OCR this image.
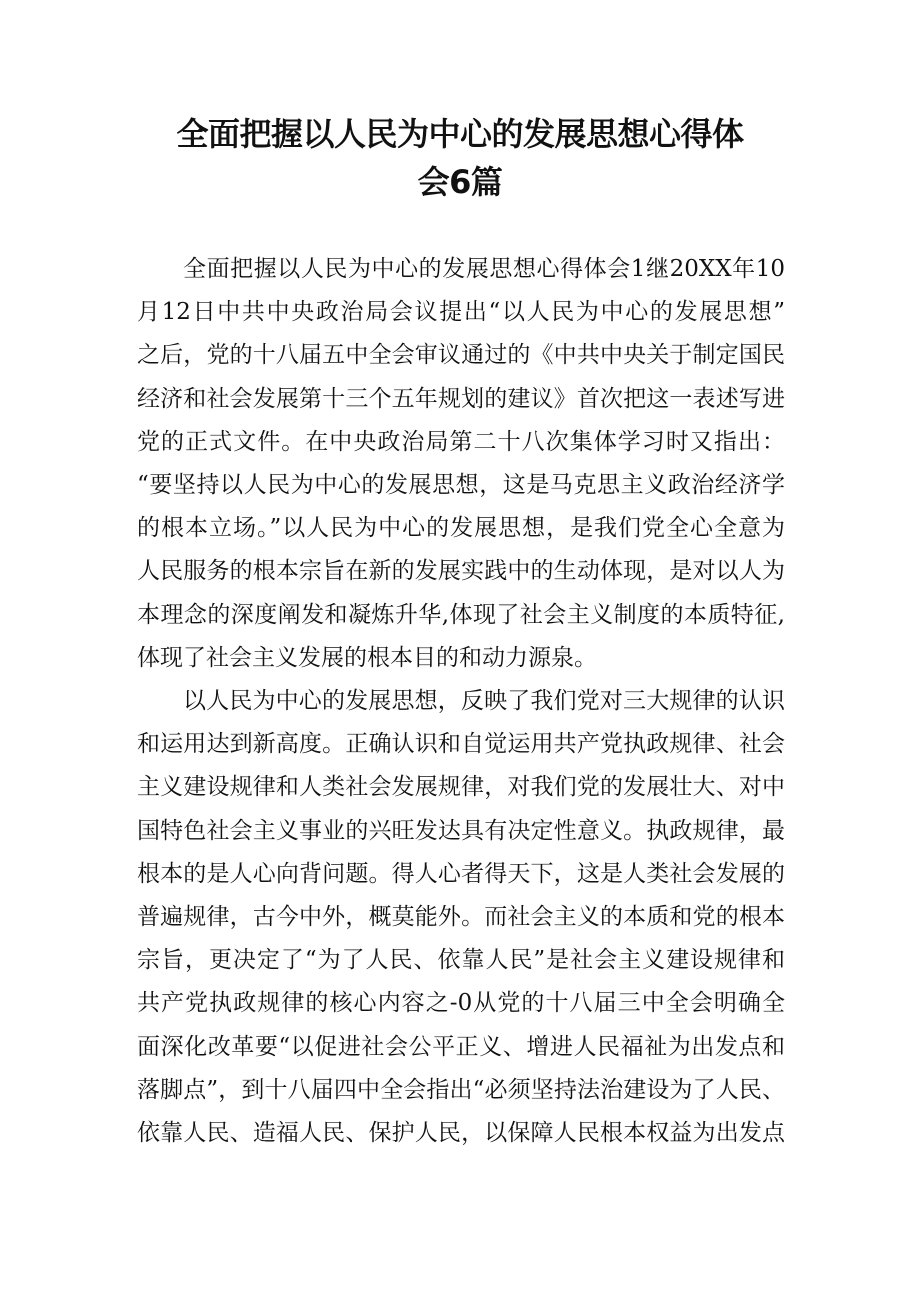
全面把握以人民为中心的发展思想心得体
会6篇
全面把握以人民为中心的发展思想心得体会1继20XX年10
月12日中共中央政治局会议提出“以人民为中心的发展思想”
之后，党的十八届五中全会审议通过的《中共中央关于制定国民
经济和社会发展第十三个五年规划的建议》首次把这一表述写进
党的正式文件。在中央政治局第二十八次集体学习时又指出：
“要坚持以人民为中心的发展思想，这是马克思主义政治经济学
的根本立场。”以人民为中心的发展思想，是我们党全心全意为
人民服务的根本宗旨在新的发展实践中的生动体现，是对以人为
本理念的深度阐发和凝炼升华,体现了社会主义制度的本质特征,
体现了社会主义发展的根本目的和动力源泉。
以人民为中心的发展思想，反映了我们党对三大规律的认识
和运用达到新高度。正确认识和自觉运用共产党执政规律、社会
主义建设规律和人类社会发展规律，对我们党的发展壮大、对中
国特色社会主义事业的兴旺发达具有决定性意义。执政规律，最
根本的是人心向背问题。得人心者得天下，这是人类社会发展的
普遍规律，古今中外，概莫能外。而社会主义的本质和党的根本
宗旨，更决定了“为了人民、依靠人民”是社会主义建设规律和
共产党执政规律的核心内容之-0从党的十八届三中全会明确全
面深化改革要“以促进社会公平正义、增进人民福祉为出发点和
落脚点”，到十八届四中全会指出“必须坚持法治建设为了人民、
依靠人民、造福人民、保护人民，以保障人民根本权益为出发点
